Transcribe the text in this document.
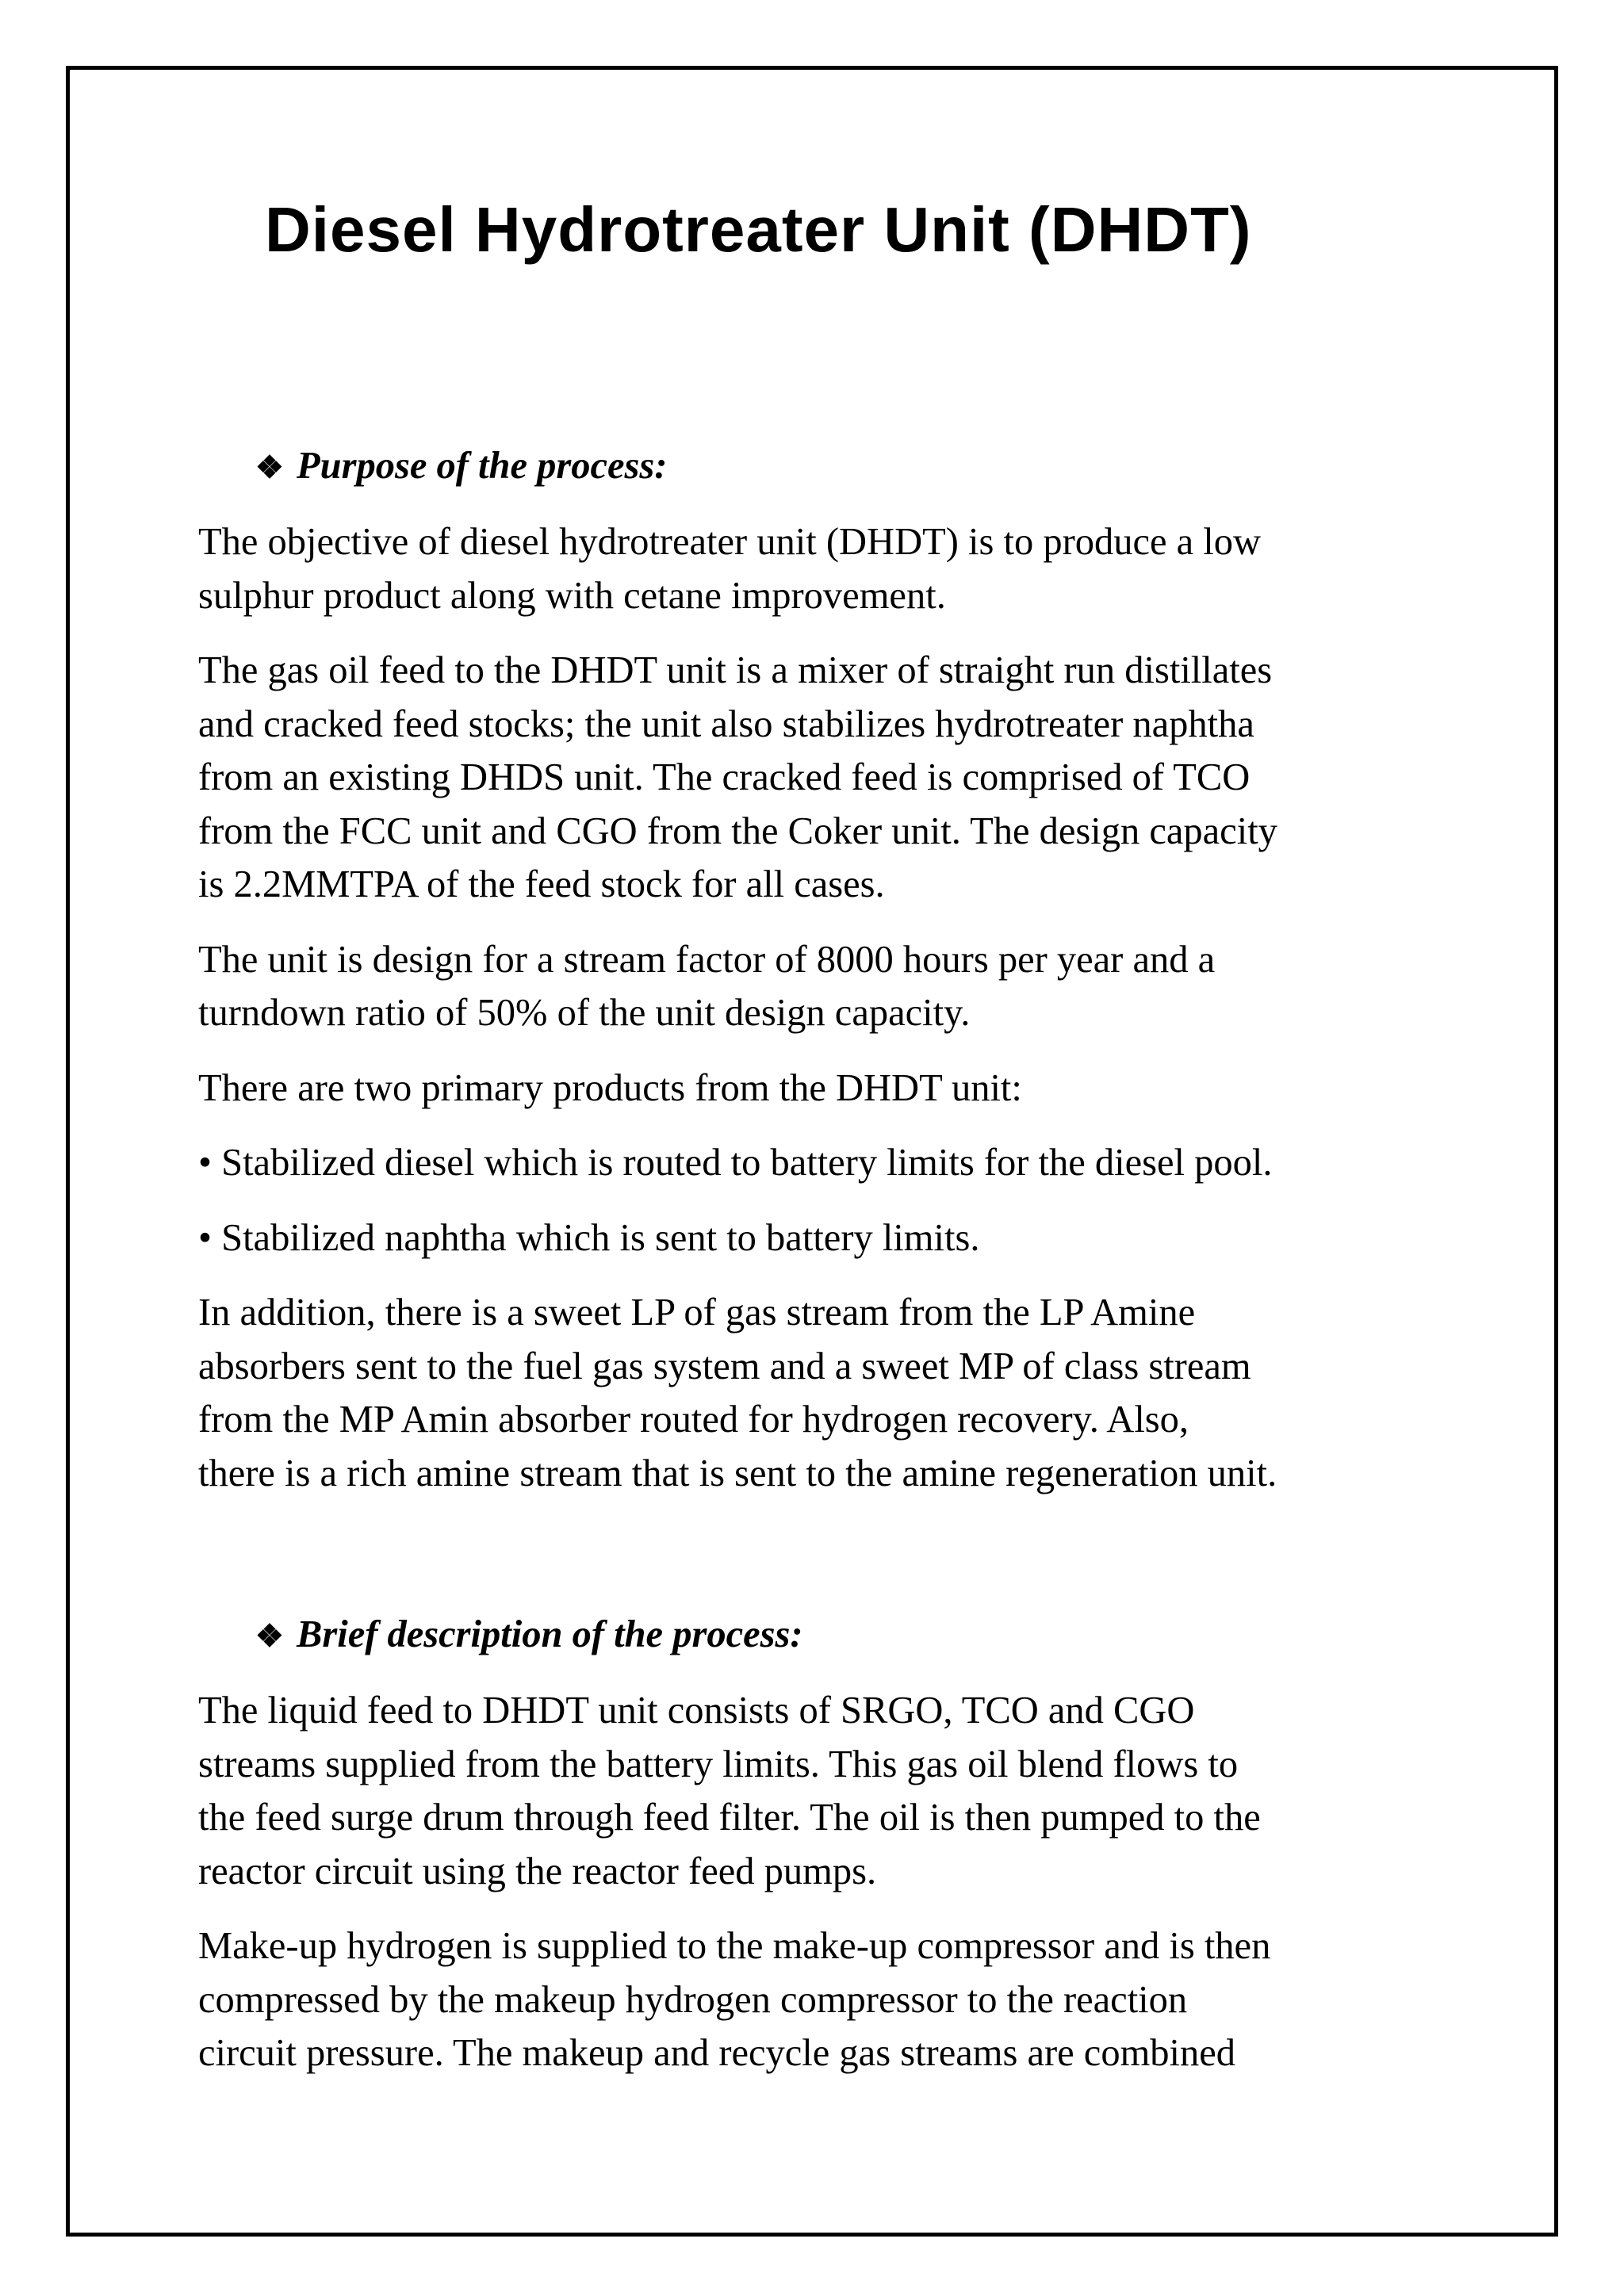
Diesel Hydrotreater Unit (DHDT)
❖ Purpose of the process:

The objective of diesel hydrotreater unit (DHDT) is to produce a low

sulphur product along with cetane improvement.

The gas oil feed to the DHDT unit is a mixer of straight run distillates

and cracked feed stocks; the unit also stabilizes hydrotreater naphtha

from an existing DHDS unit. The cracked feed is comprised of TCO

from the FCC unit and CGO from the Coker unit. The design capacity

is 2.2MMTPA of the feed stock for all cases.

The unit is design for a stream factor of 8000 hours per year and a

turndown ratio of 50% of the unit design capacity.

There are two primary products from the DHDT unit:

• Stabilized diesel which is routed to battery limits for the diesel pool.

• Stabilized naphtha which is sent to battery limits.

In addition, there is a sweet LP of gas stream from the LP Amine

absorbers sent to the fuel gas system and a sweet MP of class stream

from the MP Amin absorber routed for hydrogen recovery. Also,

there is a rich amine stream that is sent to the amine regeneration unit.

❖ Brief description of the process:

The liquid feed to DHDT unit consists of SRGO, TCO and CGO

streams supplied from the battery limits. This gas oil blend flows to

the feed surge drum through feed filter. The oil is then pumped to the

reactor circuit using the reactor feed pumps.

Make-up hydrogen is supplied to the make-up compressor and is then

compressed by the makeup hydrogen compressor to the reaction

circuit pressure. The makeup and recycle gas streams are combined
